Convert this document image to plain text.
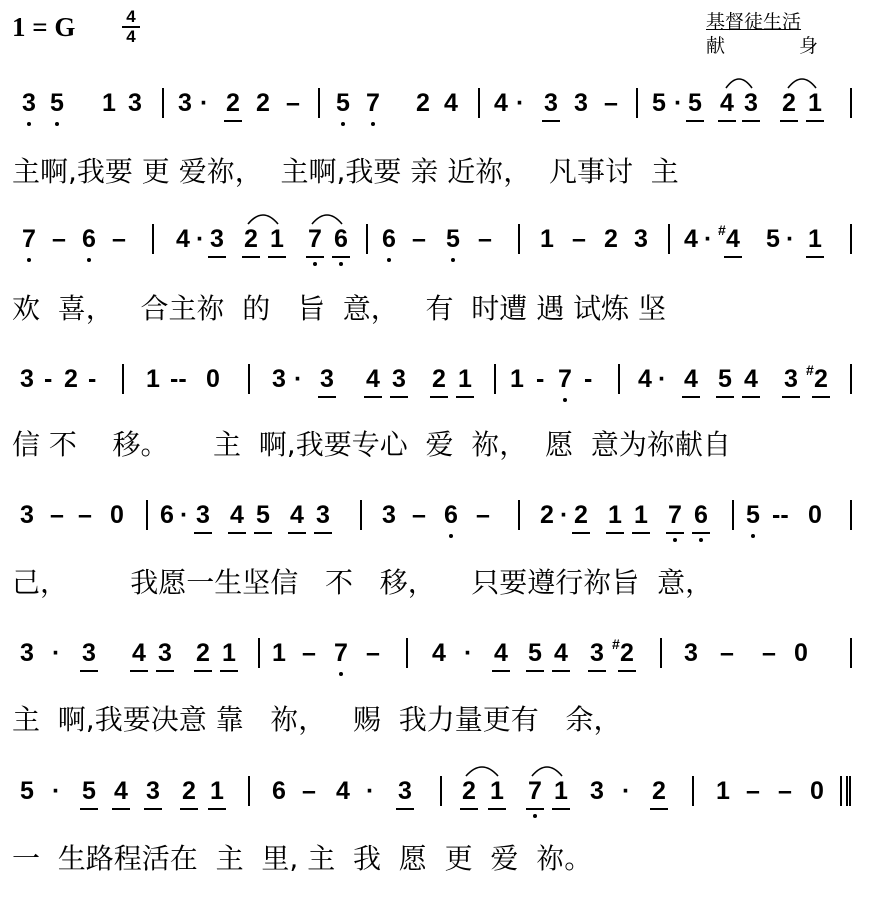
1 = G	4
4
基督徒生活
献	身
3 5 1 3 3 · 2 2 – 5 7 2 4 4 · 3 3 – 5 · 5 4 3 2 1

主啊,我要 更 爱祢，  主啊,我要 亲 近祢，  凡事讨  主

7 – 6 – 4 · 3 2 1 7 6 6 – 5 – 1 – 2 3 4 · 4
# 5 · 1

欢  喜，   合主祢  的   旨  意，   有  时遭 遇 试炼 坚

3 - 2 - 1 -- 0 3 · 3 4 3 2 1 1 - 7 - 4 · 4 5 4 3 2
#

信 不    移。     主  啊,我要专心  爱  祢，  愿  意为祢献自

3 – – 0 6 · 3 4 5 4 3 3 – 6 – 2 · 2 1 1 7 6 5 -- 0

己，       我愿一生坚信   不   移，    只要遵行祢旨  意，

3 · 3 4 3 2 1 1 – 7 – 4 · 4 5 4 3 2
#	3 – – 0

主  啊,我要决意 靠   祢，   赐  我力量更有   余，

5 · 5 4 3 2 1 6 – 4 · 3 2 1 7 1 3 · 2 1 – – 0

一  生路程活在  主  里, 主  我  愿  更  爱  祢。
